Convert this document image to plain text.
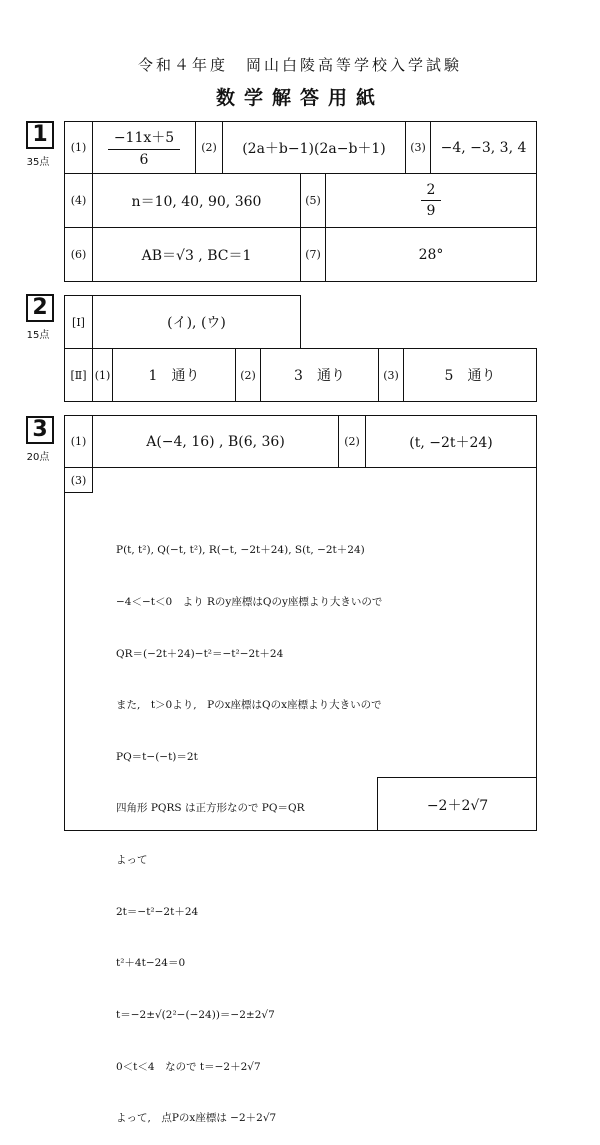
令和４年度　岡山白陵高等学校入学試験
数学解答用紙
1
35点
(1)	$\frac{-11x+5}{6}$	(2)	(2a＋b−1)(2a−b＋1)	(3)	−4, −3, 3, 4
(4)	n＝10, 40, 90, 360	(5)	$\frac{2}{9}$
(6)	AB＝√3 , BC＝1	(7)	28°
2
15点
[Ⅰ]	(イ), (ウ)
[Ⅱ] (1)	1　通り	(2)	3　通り	(3)	5　通り
3
20点
(1)	A(−4, 16) , B(6, 36)	(2)	(t, −2t＋24)
(3)
−2＋2√7

P(t, t²), Q(−t, t²), R(−t, −2t＋24), S(t, −2t＋24)

−4＜−t＜0　より Rのy座標はQのy座標より大きいので

QR＝(−2t＋24)−t²＝−t²−2t＋24

また,　t＞0より,　Pのx座標はQのx座標より大きいので

PQ＝t−(−t)＝2t

四角形 PQRS は正方形なので PQ＝QR

よって

2t＝−t²−2t＋24

t²＋4t−24＝0

t＝−2±√(2²−(−24))＝−2±2√7

0＜t＜4　なので t＝−2＋2√7

よって,　点Pのx座標は −2＋2√7
